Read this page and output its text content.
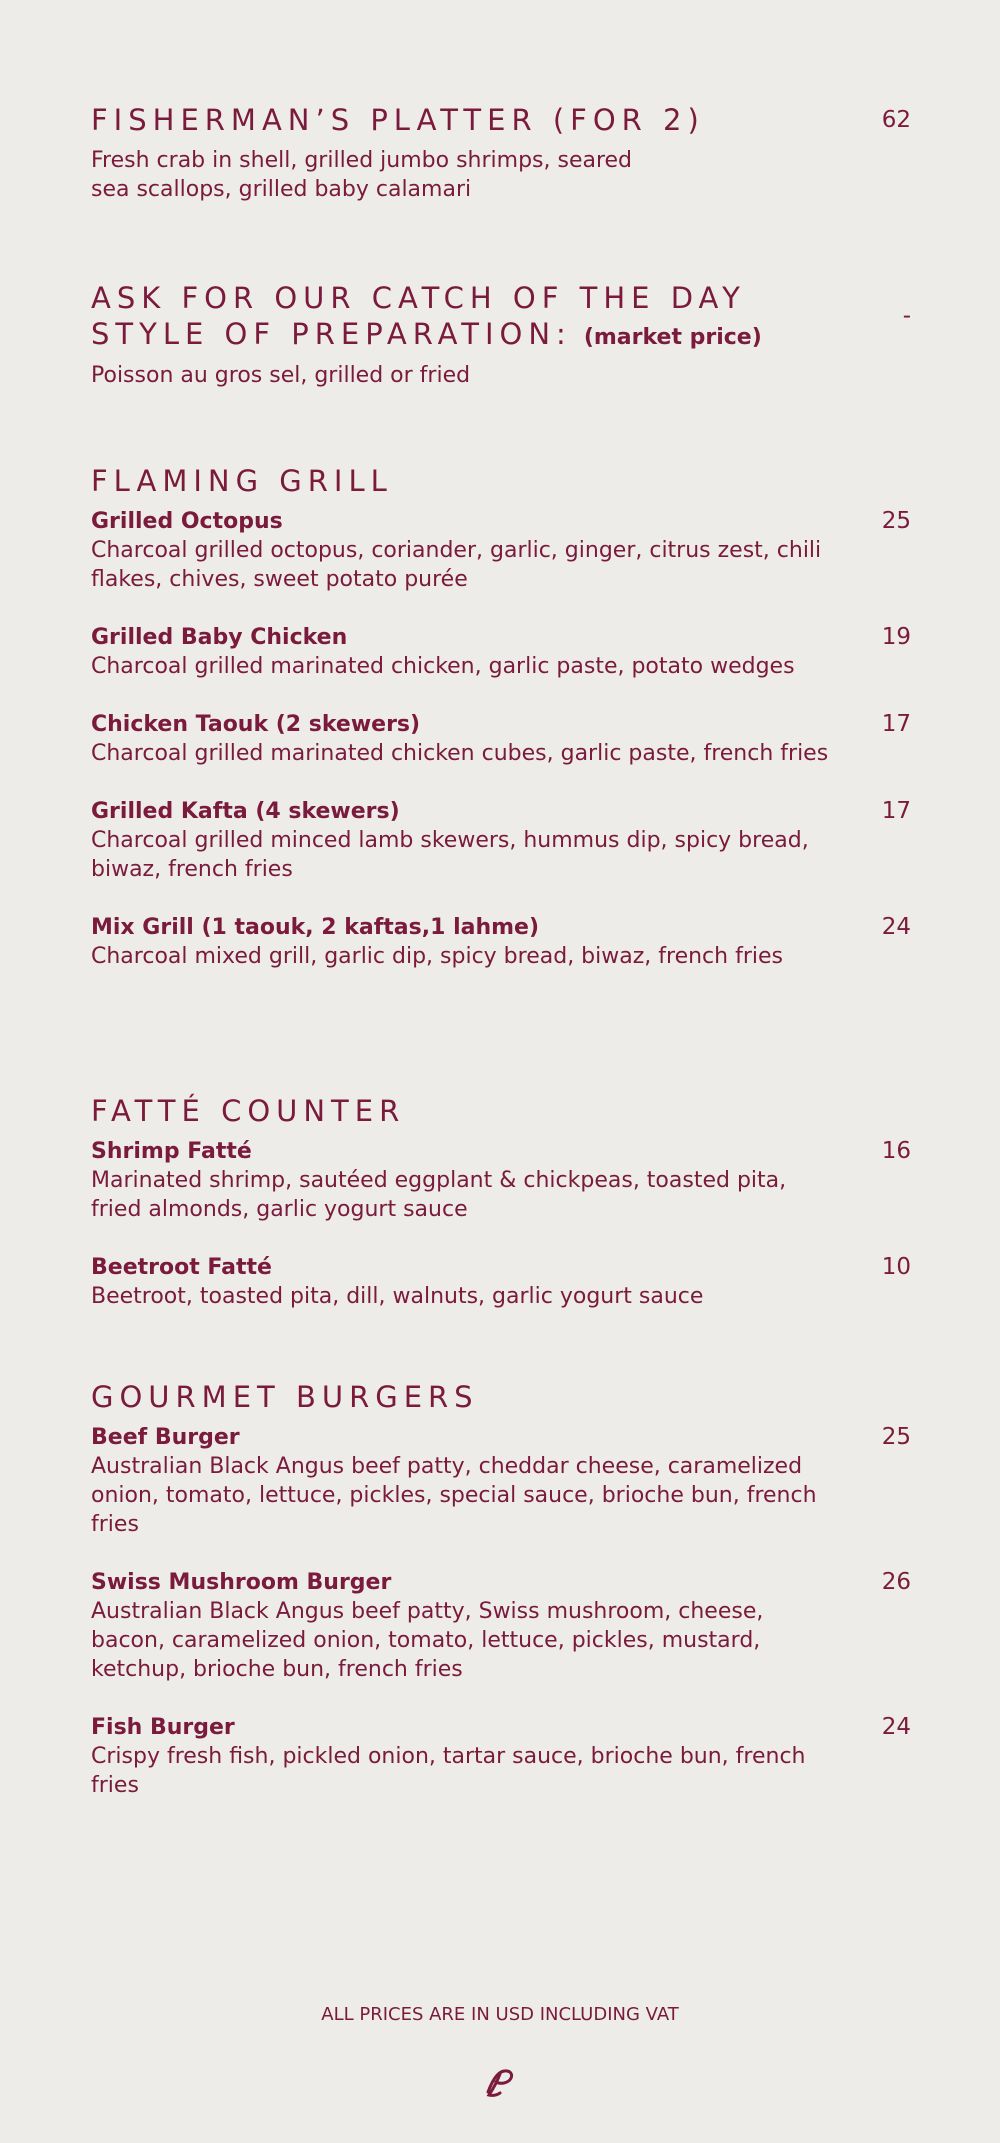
FISHERMAN’S PLATTER (FOR 2)	62

Fresh crab in shell, grilled jumbo shrimps, seared sea scallops, grilled baby calamari

ASK FOR OUR CATCH OF THE DAY
STYLE OF PREPARATION: (market price)
-

Poisson au gros sel, grilled or fried

FLAMING GRILL

Grilled Octopus	25

Charcoal grilled octopus, coriander, garlic, ginger, citrus zest, chili flakes, chives, sweet potato purée

Grilled Baby Chicken	19

Charcoal grilled marinated chicken, garlic paste, potato wedges

Chicken Taouk (2 skewers)	17

Charcoal grilled marinated chicken cubes, garlic paste, french fries

Grilled Kafta (4 skewers)	17

Charcoal grilled minced lamb skewers, hummus dip, spicy bread, biwaz, french fries

Mix Grill (1 taouk, 2 kaftas,1 lahme)	24

Charcoal mixed grill, garlic dip, spicy bread, biwaz, french fries

FATTÉ COUNTER

Shrimp Fatté	16

Marinated shrimp, sautéed eggplant & chickpeas, toasted pita, fried almonds, garlic yogurt sauce

Beetroot Fatté	10

Beetroot, toasted pita, dill, walnuts, garlic yogurt sauce

GOURMET BURGERS

Beef Burger	25

Australian Black Angus beef patty, cheddar cheese, caramelized onion, tomato, lettuce, pickles, special sauce, brioche bun, french fries

Swiss Mushroom Burger	26

Australian Black Angus beef patty, Swiss mushroom, cheese, bacon, caramelized onion, tomato, lettuce, pickles, mustard, ketchup, brioche bun, french fries

Fish Burger	24

Crispy fresh fish, pickled onion, tartar sauce, brioche bun, french fries

ALL PRICES ARE IN USD INCLUDING VAT
